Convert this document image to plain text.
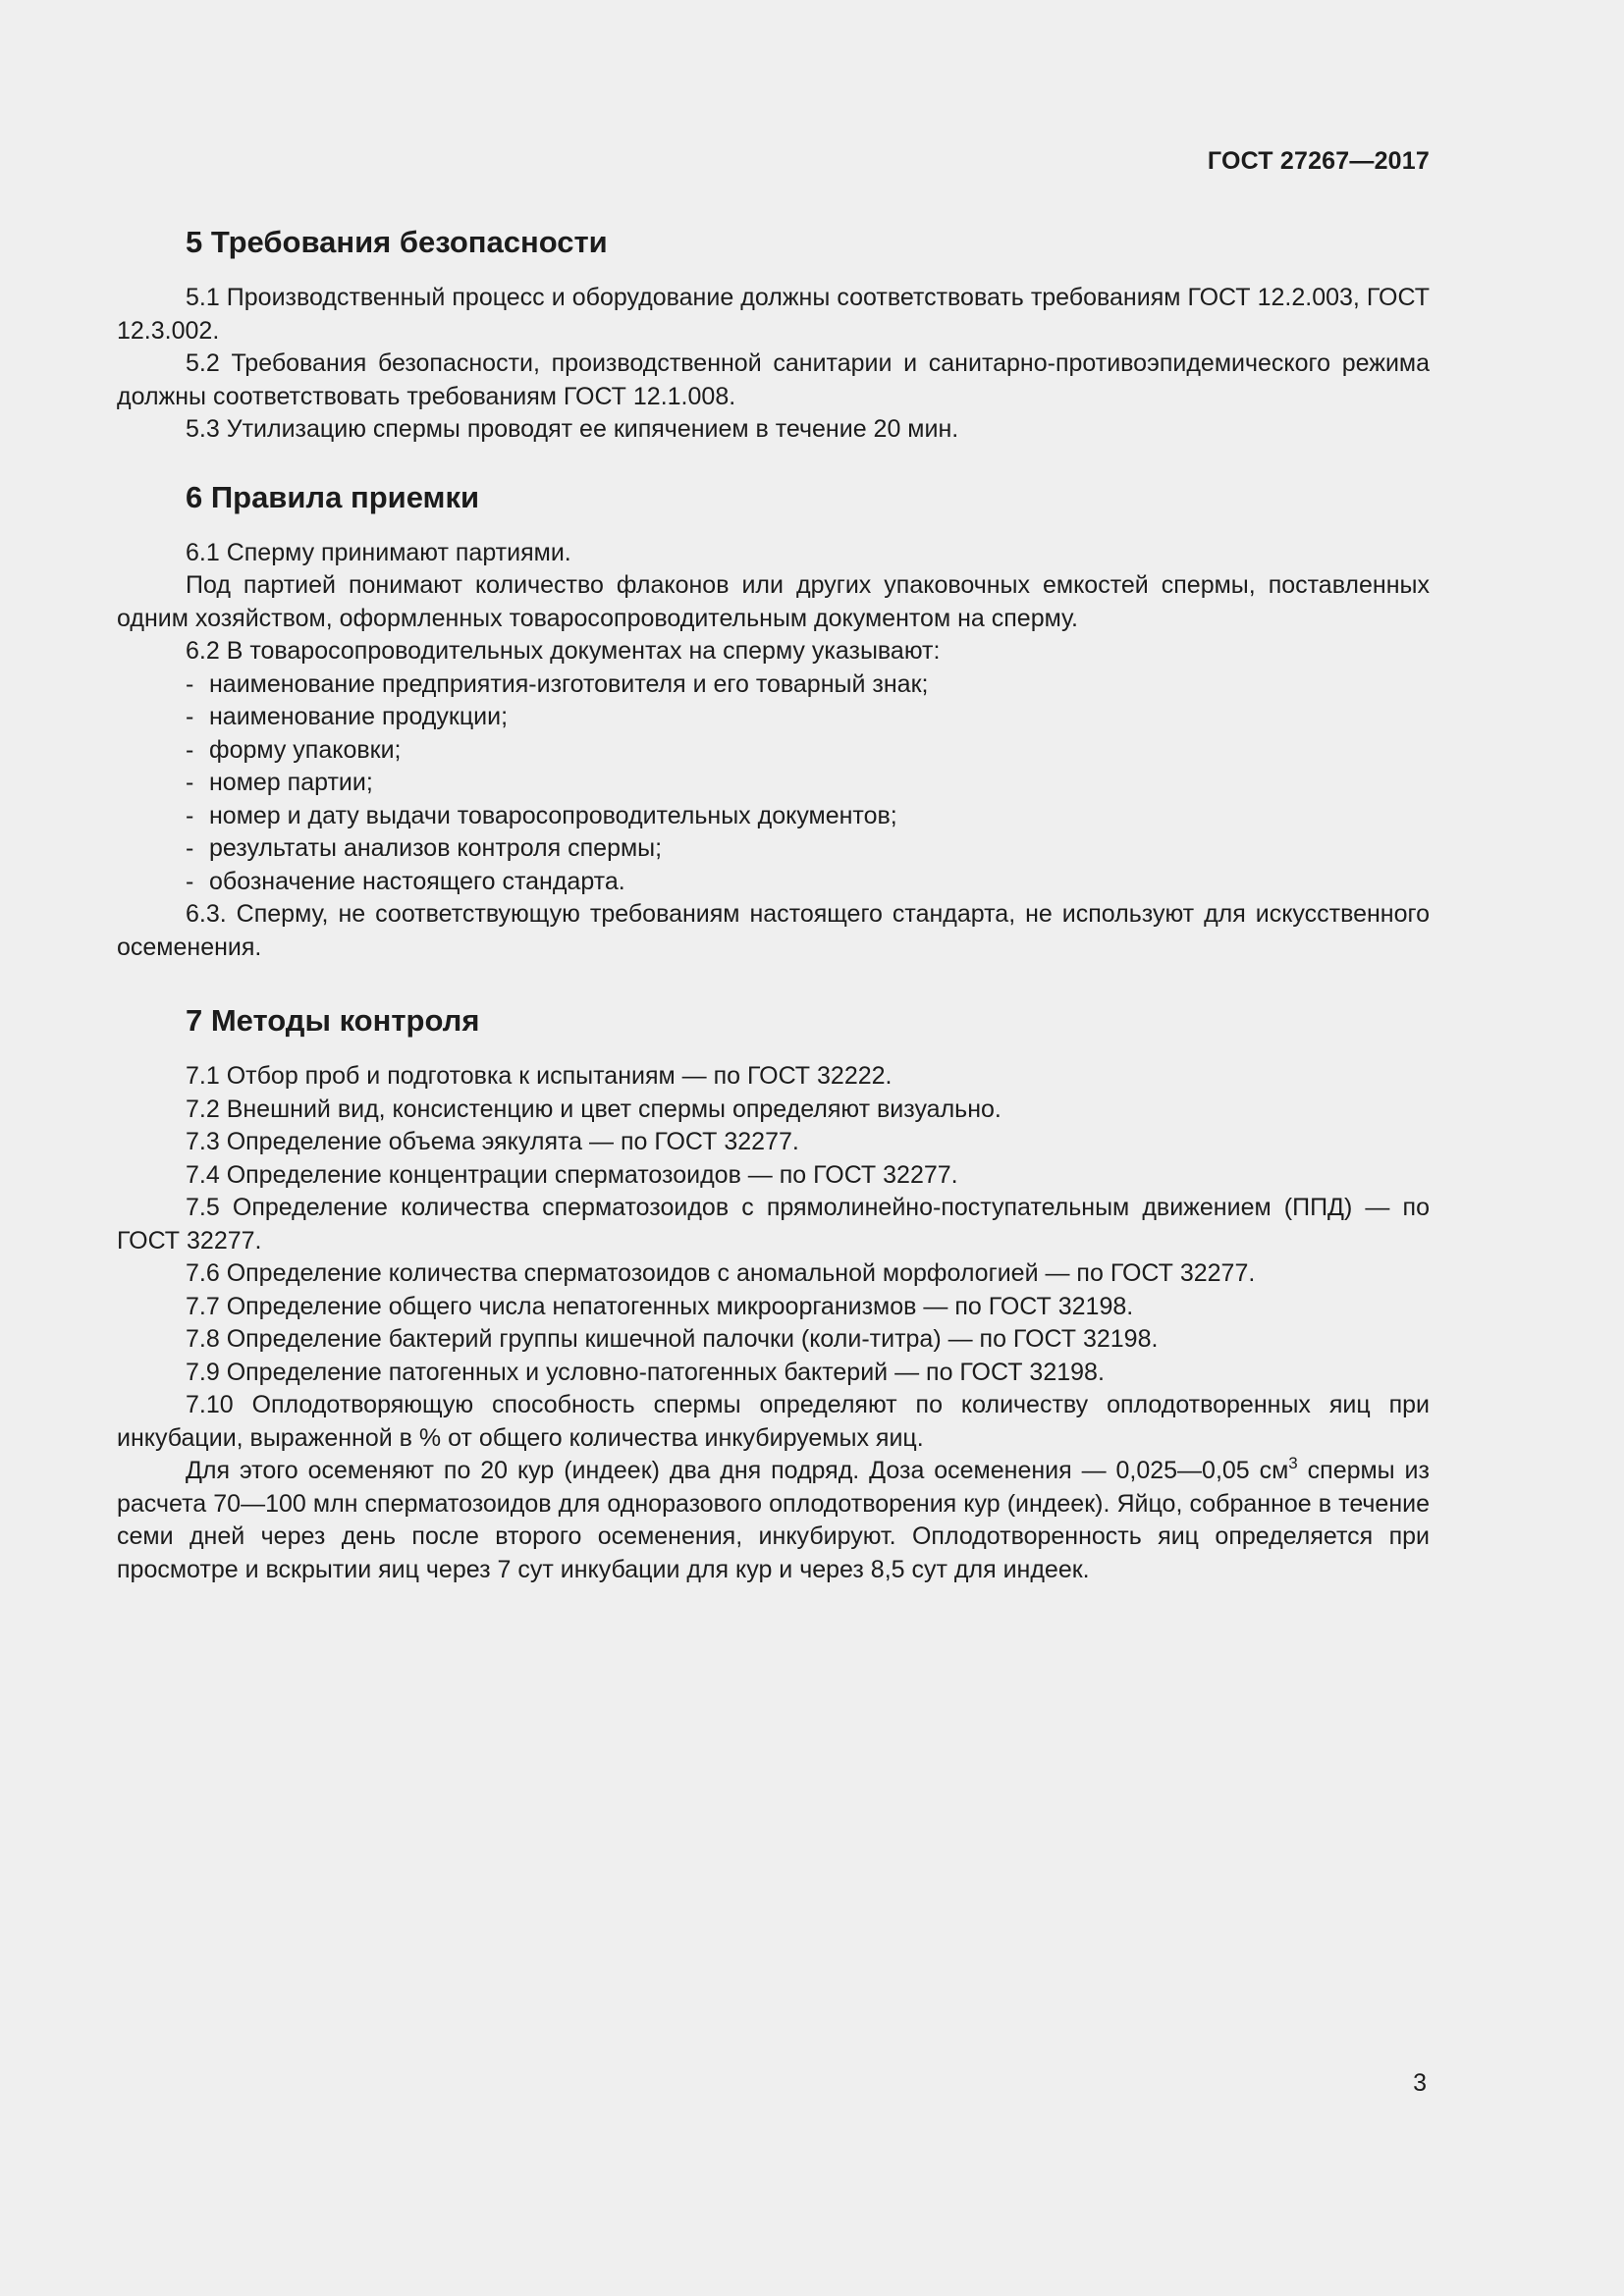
ГОСТ 27267—2017
5 Требования безопасности

5.1 Производственный процесс и оборудование должны соответствовать требованиям ГОСТ 12.2.003, ГОСТ 12.3.002.

5.2 Требования безопасности, производственной санитарии и санитарно-противоэпидемического режима должны соответствовать требованиям ГОСТ 12.1.008.

5.3 Утилизацию спермы проводят ее кипячением в течение 20 мин.

6 Правила приемки

6.1 Сперму принимают партиями.

Под партией понимают количество флаконов или других упаковочных емкостей спермы, поставленных одним хозяйством, оформленных товаросопроводительным документом на сперму.

6.2 В товаросопроводительных документах на сперму указывают:

- наименование предприятия-изготовителя и его товарный знак;
- наименование продукции;
- форму упаковки;
- номер партии;
- номер и дату выдачи товаросопроводительных документов;
- результаты анализов контроля спермы;
- обозначение настоящего стандарта.

6.3. Сперму, не соответствующую требованиям настоящего стандарта, не используют для искусственного осеменения.

7 Методы контроля

7.1 Отбор проб и подготовка к испытаниям — по ГОСТ 32222.

7.2 Внешний вид, консистенцию и цвет спермы определяют визуально.

7.3 Определение объема эякулята — по ГОСТ 32277.

7.4 Определение концентрации сперматозоидов — по ГОСТ 32277.

7.5 Определение количества сперматозоидов с прямолинейно-поступательным движением (ППД) — по ГОСТ 32277.

7.6 Определение количества сперматозоидов с аномальной морфологией — по ГОСТ 32277.

7.7 Определение общего числа непатогенных микроорганизмов — по ГОСТ 32198.

7.8 Определение бактерий группы кишечной палочки (коли-титра) — по ГОСТ 32198.

7.9 Определение патогенных и условно-патогенных бактерий — по ГОСТ 32198.

7.10 Оплодотворяющую способность спермы определяют по количеству оплодотворенных яиц при инкубации, выраженной в % от общего количества инкубируемых яиц.

Для этого осеменяют по 20 кур (индеек) два дня подряд. Доза осеменения — 0,025—0,05 $см^3$ спермы из расчета 70—100 млн сперматозоидов для одноразового оплодотворения кур (индеек). Яйцо, собранное в течение семи дней через день после второго осеменения, инкубируют. Оплодотворенность яиц определяется при просмотре и вскрытии яиц через 7 сут инкубации для кур и через 8,5 сут для индеек.

3
